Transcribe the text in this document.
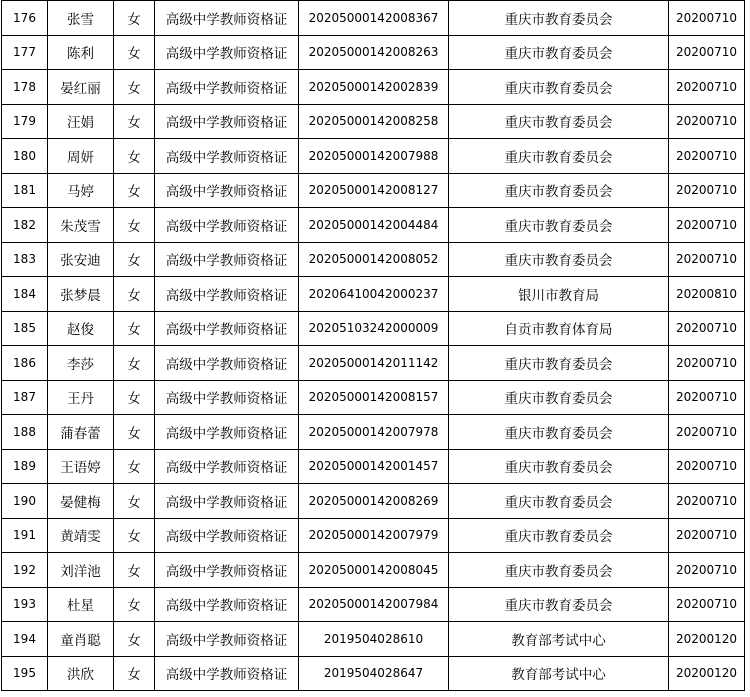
176	张雪	女	高级中学教师资格证	20205000142008367	重庆市教育委员会	20200710
177	陈利	女	高级中学教师资格证	20205000142008263	重庆市教育委员会	20200710
178	晏红丽	女	高级中学教师资格证	20205000142002839	重庆市教育委员会	20200710
179	汪娟	女	高级中学教师资格证	20205000142008258	重庆市教育委员会	20200710
180	周妍	女	高级中学教师资格证	20205000142007988	重庆市教育委员会	20200710
181	马婷	女	高级中学教师资格证	20205000142008127	重庆市教育委员会	20200710
182	朱茂雪	女	高级中学教师资格证	20205000142004484	重庆市教育委员会	20200710
183	张安迪	女	高级中学教师资格证	20205000142008052	重庆市教育委员会	20200710
184	张梦晨	女	高级中学教师资格证	20206410042000237	银川市教育局	20200810
185	赵俊	女	高级中学教师资格证	20205103242000009	自贡市教育体育局	20200710
186	李莎	女	高级中学教师资格证	20205000142011142	重庆市教育委员会	20200710
187	王丹	女	高级中学教师资格证	20205000142008157	重庆市教育委员会	20200710
188	蒲春蕾	女	高级中学教师资格证	20205000142007978	重庆市教育委员会	20200710
189	王语婷	女	高级中学教师资格证	20205000142001457	重庆市教育委员会	20200710
190	晏健梅	女	高级中学教师资格证	20205000142008269	重庆市教育委员会	20200710
191	黄靖雯	女	高级中学教师资格证	20205000142007979	重庆市教育委员会	20200710
192	刘洋池	女	高级中学教师资格证	20205000142008045	重庆市教育委员会	20200710
193	杜星	女	高级中学教师资格证	20205000142007984	重庆市教育委员会	20200710
194	童肖聪	女	高级中学教师资格证	2019504028610	教育部考试中心	20200120
195	洪欣	女	高级中学教师资格证	2019504028647	教育部考试中心	20200120
